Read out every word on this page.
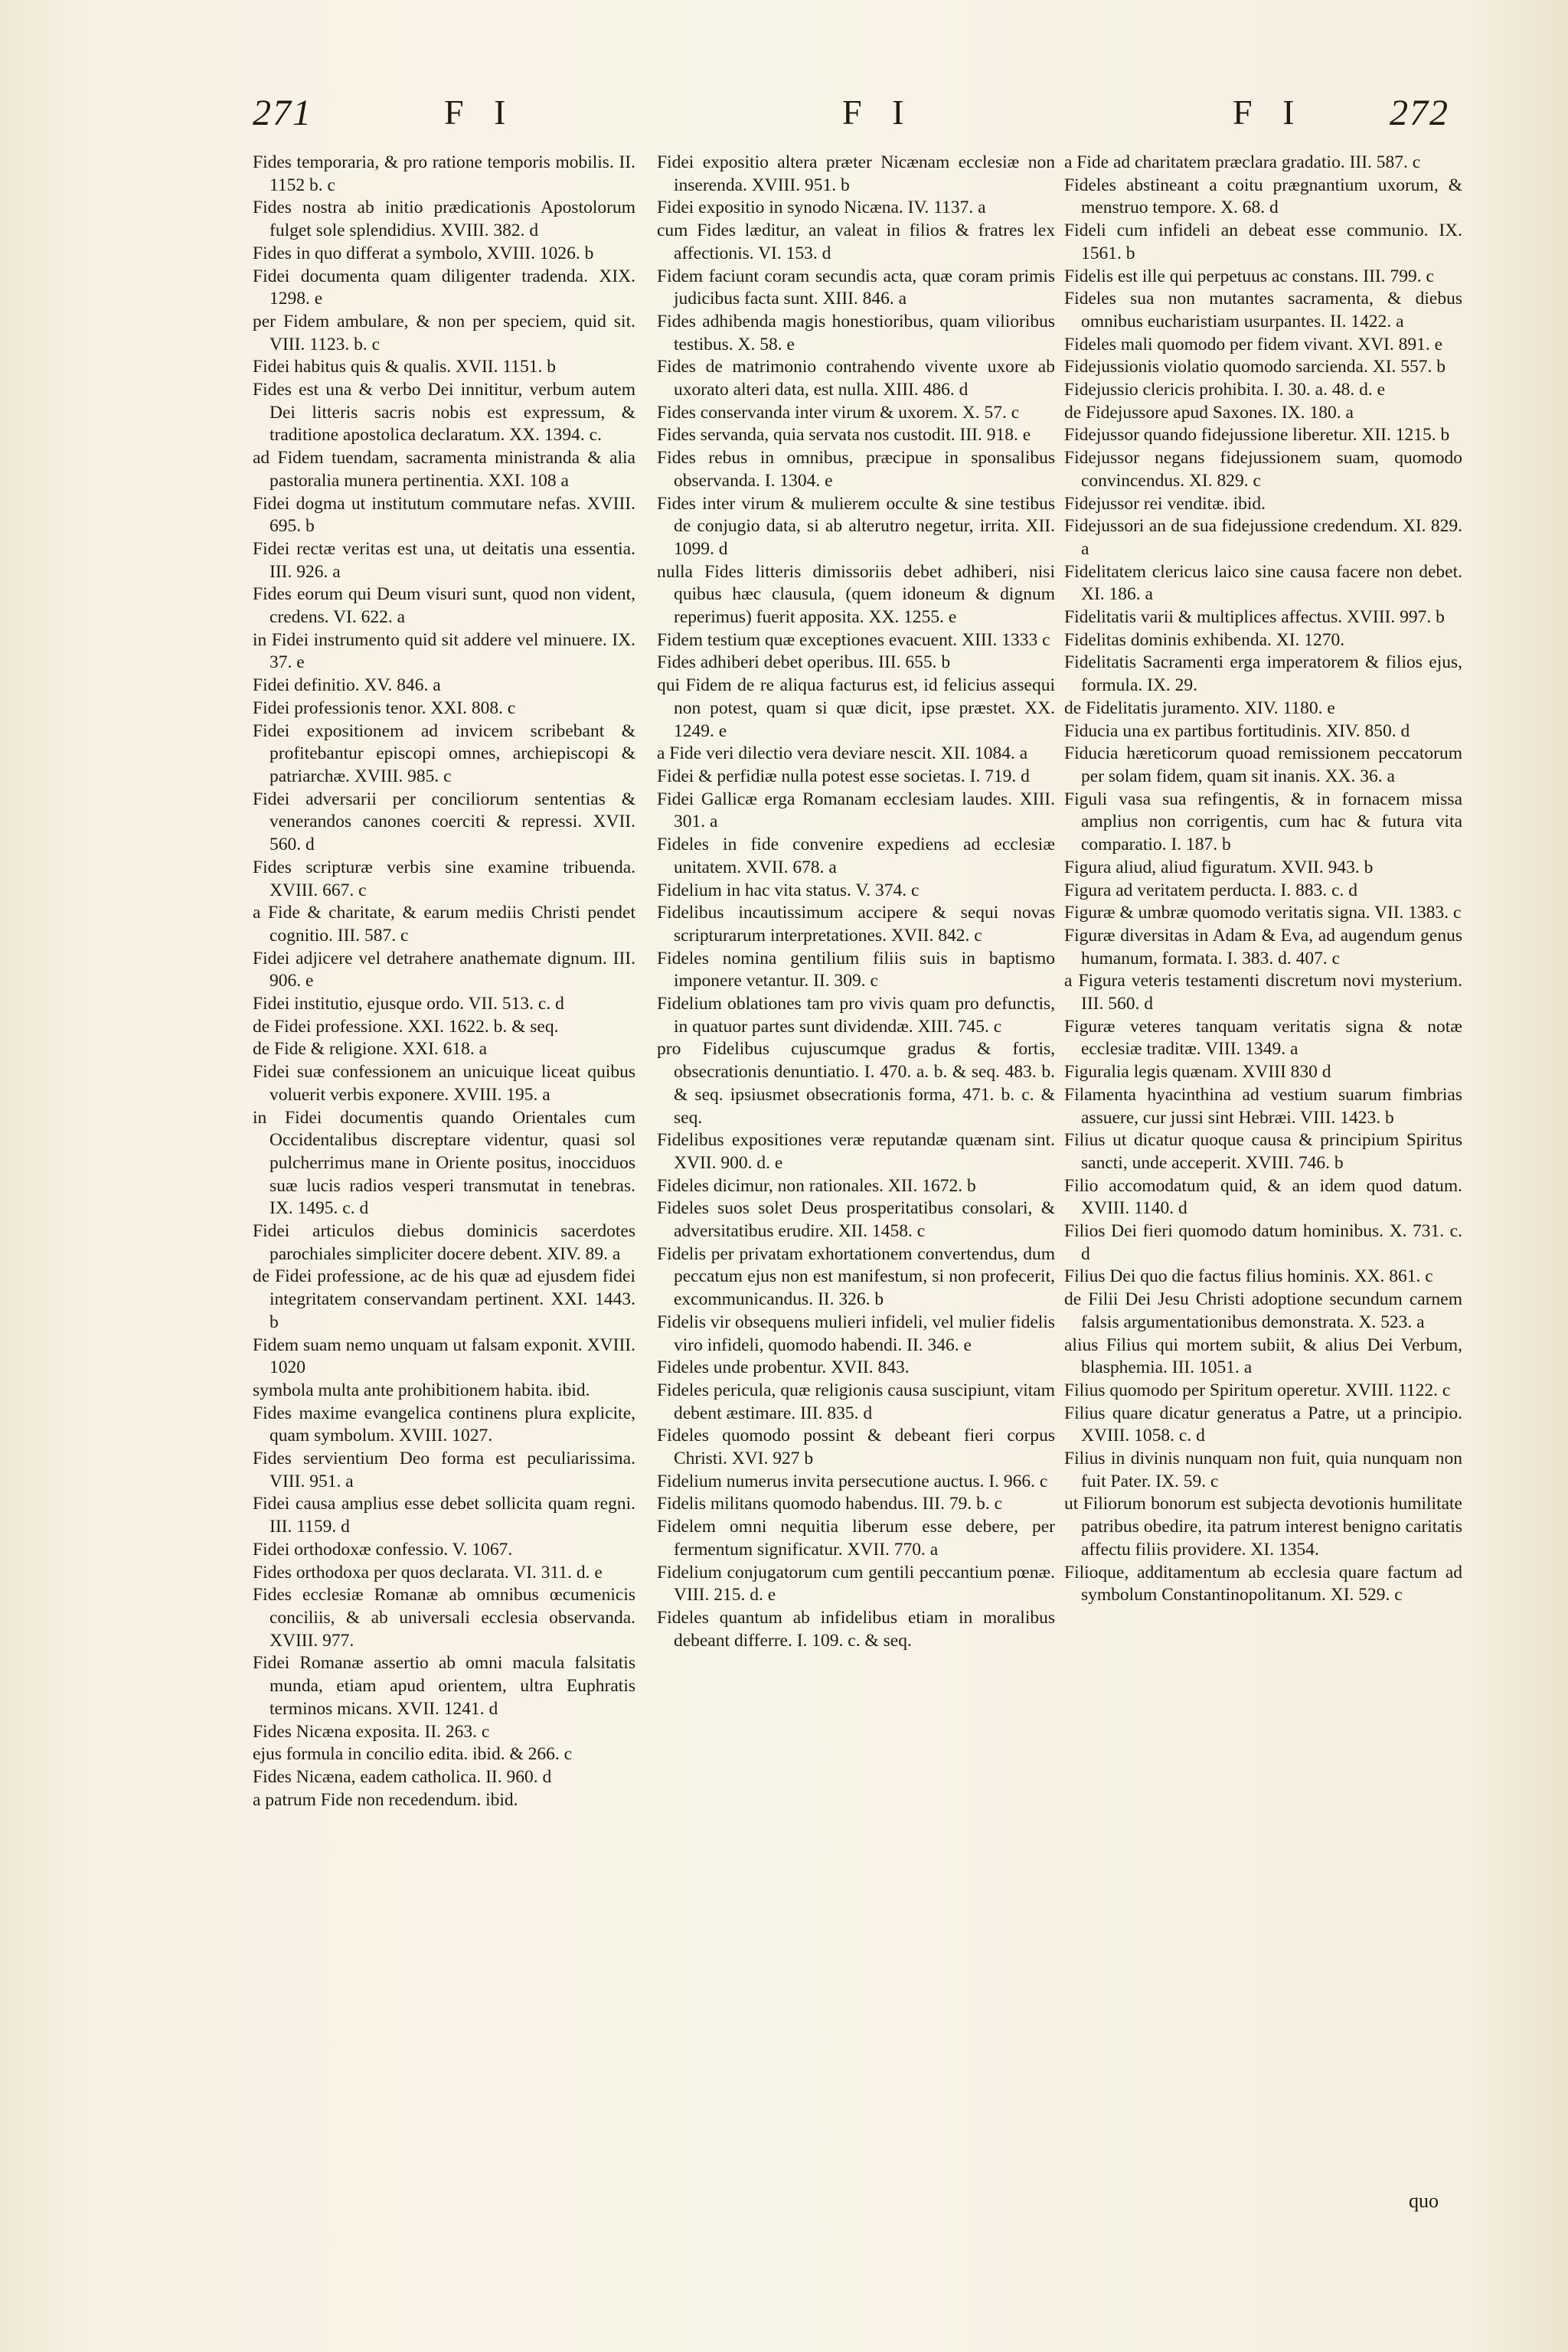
271	F I	F I	F I 272

Fides temporaria, & pro ratione temporis mobilis. II. 1152 b. c

Fides nostra ab initio prædicationis Apostolorum fulget sole splendidius. XVIII. 382. d

Fides in quo differat a symbolo, XVIII. 1026. b

Fidei documenta quam diligenter tradenda. XIX. 1298. e

per Fidem ambulare, & non per speciem, quid sit. VIII. 1123. b. c

Fidei habitus quis & qualis. XVII. 1151. b

Fides est una & verbo Dei innititur, verbum autem Dei litteris sacris nobis est expressum, & traditione apostolica declaratum. XX. 1394. c.

ad Fidem tuendam, sacramenta ministranda & alia pastoralia munera pertinentia. XXI. 108 a

Fidei dogma ut institutum commutare nefas. XVIII. 695. b

Fidei rectæ veritas est una, ut deitatis una essentia. III. 926. a

Fides eorum qui Deum visuri sunt, quod non vident, credens. VI. 622. a

in Fidei instrumento quid sit addere vel minuere. IX. 37. e

Fidei definitio. XV. 846. a

Fidei professionis tenor. XXI. 808. c

Fidei expositionem ad invicem scribebant & profitebantur episcopi omnes, archiepiscopi & patriarchæ. XVIII. 985. c

Fidei adversarii per conciliorum sententias & venerandos canones coerciti & repressi. XVII. 560. d

Fides scripturæ verbis sine examine tribuenda. XVIII. 667. c

a Fide & charitate, & earum mediis Christi pendet cognitio. III. 587. c

Fidei adjicere vel detrahere anathemate dignum. III. 906. e

Fidei institutio, ejusque ordo. VII. 513. c. d

de Fidei professione. XXI. 1622. b. & seq.

de Fide & religione. XXI. 618. a

Fidei suæ confessionem an unicuique liceat quibus voluerit verbis exponere. XVIII. 195. a

in Fidei documentis quando Orientales cum Occidentalibus discreptare videntur, quasi sol pulcherrimus mane in Oriente positus, inocciduos suæ lucis radios vesperi transmutat in tenebras. IX. 1495. c. d

Fidei articulos diebus dominicis sacerdotes parochiales simpliciter docere debent. XIV. 89. a

de Fidei professione, ac de his quæ ad ejusdem fidei integritatem conservandam pertinent. XXI. 1443. b

Fidem suam nemo unquam ut falsam exponit. XVIII. 1020

symbola multa ante prohibitionem habita. ibid.

Fides maxime evangelica continens plura explicite, quam symbolum. XVIII. 1027.

Fides servientium Deo forma est peculiarissima. VIII. 951. a

Fidei causa amplius esse debet sollicita quam regni. III. 1159. d

Fidei orthodoxæ confessio. V. 1067.

Fides orthodoxa per quos declarata. VI. 311. d. e

Fides ecclesiæ Romanæ ab omnibus œcumenicis conciliis, & ab universali ecclesia observanda. XVIII. 977.

Fidei Romanæ assertio ab omni macula falsitatis munda, etiam apud orientem, ultra Euphratis terminos micans. XVII. 1241. d

Fides Nicæna exposita. II. 263. c

ejus formula in concilio edita. ibid. & 266. c

Fides Nicæna, eadem catholica. II. 960. d

a patrum Fide non recedendum. ibid.

Fidei expositio altera præter Nicænam ecclesiæ non inserenda. XVIII. 951. b

Fidei expositio in synodo Nicæna. IV. 1137. a

cum Fides læditur, an valeat in filios & fratres lex affectionis. VI. 153. d

Fidem faciunt coram secundis acta, quæ coram primis judicibus facta sunt. XIII. 846. a

Fides adhibenda magis honestioribus, quam vilioribus testibus. X. 58. e

Fides de matrimonio contrahendo viventе uxore ab uxorato alteri data, est nulla. XIII. 486. d

Fides conservanda inter virum & uxorem. X. 57. c

Fides servanda, quia servata nos custodit. III. 918. e

Fides rebus in omnibus, præcipue in sponsalibus observanda. I. 1304. e

Fides inter virum & mulierem occulte & sine testibus de conjugio data, si ab alterutro negetur, irrita. XII. 1099. d

nulla Fides litteris dimissoriis debet adhiberi, nisi quibus hæc clausula, (quem idoneum & dignum reperimus) fuerit apposita. XX. 1255. e

Fidem testium quæ exceptiones evacuent. XIII. 1333 c

Fides adhiberi debet operibus. III. 655. b

qui Fidem de re aliqua facturus est, id felicius assequi non potest, quam si quæ dicit, ipse præstet. XX. 1249. e

a Fide veri dilectio vera deviare nescit. XII. 1084. a

Fidei & perfidiæ nulla potest esse societas. I. 719. d

Fidei Gallicæ erga Romanam ecclesiam laudes. XIII. 301. a

Fideles in fide convenire expediens ad ecclesiæ unitatem. XVII. 678. a

Fidelium in hac vita status. V. 374. c

Fidelibus incautissimum accipere & sequi novas scripturarum interpretationes. XVII. 842. c

Fideles nomina gentilium filiis suis in baptismo imponere vetantur. II. 309. c

Fidelium oblationes tam pro vivis quam pro defunctis, in quatuor partes sunt dividendæ. XIII. 745. c

pro Fidelibus cujuscumque gradus & fortis, obsecrationis denuntiatio. I. 470. a. b. & seq. 483. b. & seq. ipsiusmet obsecrationis forma, 471. b. c. & seq.

Fidelibus expositiones veræ reputandæ quænam sint. XVII. 900. d. e

Fideles dicimur, non rationales. XII. 1672. b

Fideles suos solet Deus prosperitatibus consolari, & adversitatibus erudire. XII. 1458. c

Fidelis per privatam exhortationem convertendus, dum peccatum ejus non est manifestum, si non profecerit, excommunicandus. II. 326. b

Fidelis vir obsequens mulieri infideli, vel mulier fidelis viro infideli, quomodo habendi. II. 346. e

Fideles unde probentur. XVII. 843.

Fideles pericula, quæ religionis causa suscipiunt, vitam debent æstimare. III. 835. d

Fideles quomodo possint & debeant fieri corpus Christi. XVI. 927 b

Fidelium numerus invita persecutione auctus. I. 966. c

Fidelis militans quomodo habendus. III. 79. b. c

Fidelem omni nequitia liberum esse debere, per fermentum significatur. XVII. 770. a

Fidelium conjugatorum cum gentili peccantium pœnæ. VIII. 215. d. e

Fideles quantum ab infidelibus etiam in moralibus debeant differre. I. 109. c. & seq.

a Fide ad charitatem præclara gradatio. III. 587. c

Fideles abstineant a coitu prægnantium uxorum, & menstruo tempore. X. 68. d

Fideli cum infideli an debeat esse communio. IX. 1561. b

Fidelis est ille qui perpetuus ac constans. III. 799. c

Fideles sua non mutantes sacramenta, & diebus omnibus eucharistiam usurpantes. II. 1422. a

Fideles mali quomodo per fidem vivant. XVI. 891. e

Fidejussionis violatio quomodo sarcienda. XI. 557. b

Fidejussio clericis prohibita. I. 30. a. 48. d. e

de Fidejussore apud Saxones. IX. 180. a

Fidejussor quando fidejussione liberetur. XII. 1215. b

Fidejussor negans fidejussionem suam, quomodo convincendus. XI. 829. c

Fidejussor rei venditæ. ibid.

Fidejussori an de sua fidejussione credendum. XI. 829. a

Fidelitatem clericus laico sine causa facere non debet. XI. 186. a

Fidelitatis varii & multiplices affectus. XVIII. 997. b

Fidelitas dominis exhibenda. XI. 1270.

Fidelitatis Sacramenti erga imperatorem & filios ejus, formula. IX. 29.

de Fidelitatis juramento. XIV. 1180. e

Fiducia una ex partibus fortitudinis. XIV. 850. d

Fiducia hæreticorum quoad remissionem peccatorum per solam fidem, quam sit inanis. XX. 36. a

Figuli vasa sua refingentis, & in fornacem missa amplius non corrigentis, cum hac & futura vita comparatio. I. 187. b

Figura aliud, aliud figuratum. XVII. 943. b

Figura ad veritatem perducta. I. 883. c. d

Figuræ & umbræ quomodo veritatis signa. VII. 1383. c

Figuræ diversitas in Adam & Eva, ad augendum genus humanum, formata. I. 383. d. 407. c

a Figura veteris testamenti discretum novi mysterium. III. 560. d

Figuræ veteres tanquam veritatis signa & notæ ecclesiæ traditæ. VIII. 1349. a

Figuralia legis quænam. XVIII 830 d

Filamenta hyacinthina ad vestium suarum fimbrias assuere, cur jussi sint Hebræi. VIII. 1423. b

Filius ut dicatur quoque causa & principium Spiritus sancti, unde acceperit. XVIII. 746. b

Filio accomodatum quid, & an idem quod datum. XVIII. 1140. d

Filios Dei fieri quomodo datum hominibus. X. 731. c. d

Filius Dei quo die factus filius hominis. XX. 861. c

de Filii Dei Jesu Christi adoptione secundum carnem falsis argumentationibus demonstrata. X. 523. a

alius Filius qui mortem subiit, & alius Dei Verbum, blasphemia. III. 1051. a

Filius quomodo per Spiritum operetur. XVIII. 1122. c

Filius quare dicatur generatus a Patre, ut a principio. XVIII. 1058. c. d

Filius in divinis nunquam non fuit, quia nunquam non fuit Pater. IX. 59. c

ut Filiorum bonorum est subjecta devotionis humilitate patribus obedire, ita patrum interest benigno caritatis affectu filiis providere. XI. 1354.

Filioque, additamentum ab ecclesia quare factum ad symbolum Constantinopolitanum. XI. 529. c

quo
